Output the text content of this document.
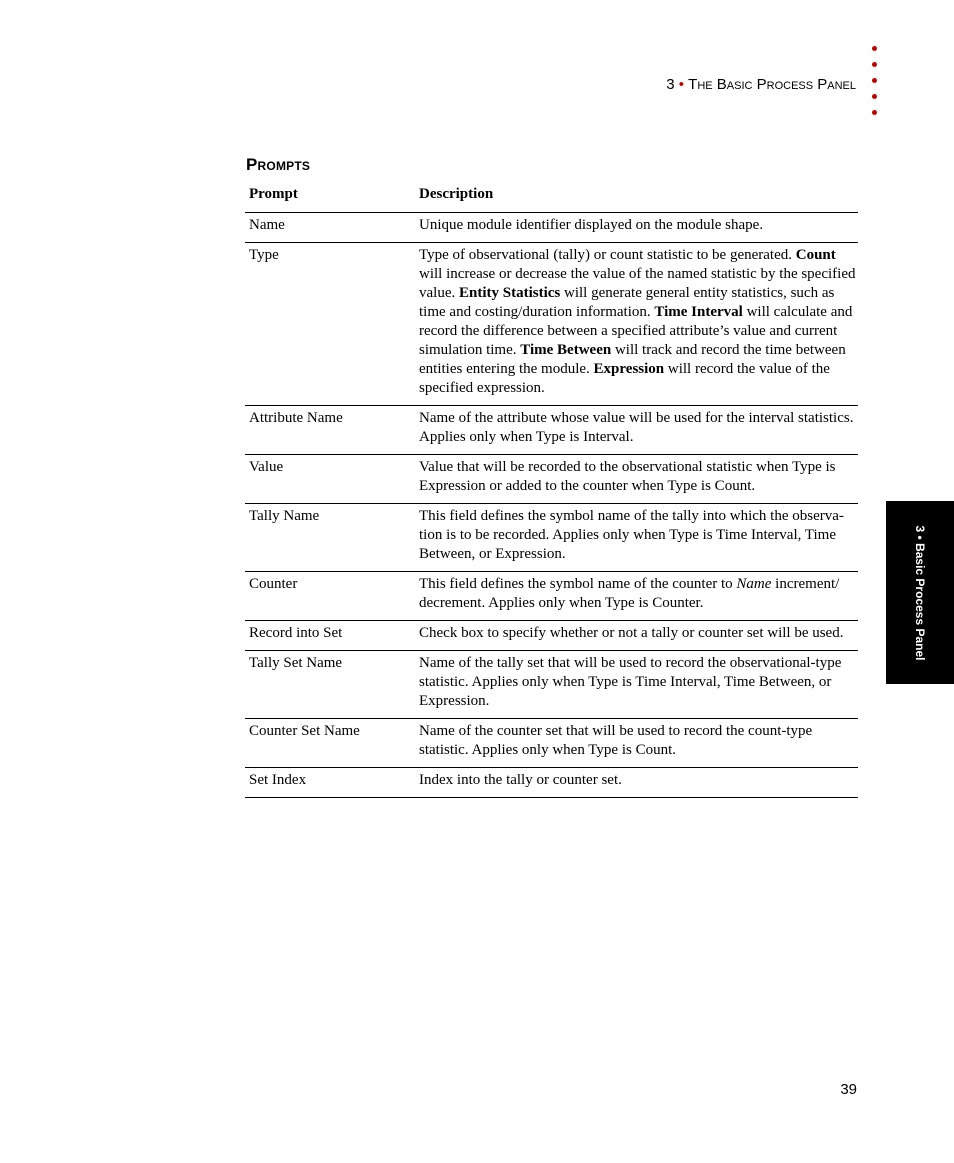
3 • The Basic Process Panel
Prompts
Prompt	Description
Name	Unique module identifier displayed on the module shape.
Type	Type of observational (tally) or count statistic to be generated. Count will increase or decrease the value of the named statistic by the specified value. Entity Statistics will generate general entity statistics, such as time and costing/duration information. Time Interval will calculate and record the difference between a specified attribute’s value and current simulation time. Time Between will track and record the time between entities entering the module. Expression will record the value of the specified expression.
Attribute Name	Name of the attribute whose value will be used for the interval statistics. Applies only when Type is Interval.
Value	Value that will be recorded to the observational statistic when Type is Expression or added to the counter when Type is Count.
Tally Name	This field defines the symbol name of the tally into which the observa-tion is to be recorded. Applies only when Type is Time Interval, Time Between, or Expression.
Counter	This field defines the symbol name of the counter to Name increment/ decrement. Applies only when Type is Counter.
Record into Set	Check box to specify whether or not a tally or counter set will be used.
Tally Set Name	Name of the tally set that will be used to record the observational-type statistic. Applies only when Type is Time Interval, Time Between, or Expression.
Counter Set Name	Name of the counter set that will be used to record the count-type statistic. Applies only when Type is Count.
Set Index	Index into the tally or counter set.
3 • Basic Process Panel
39
